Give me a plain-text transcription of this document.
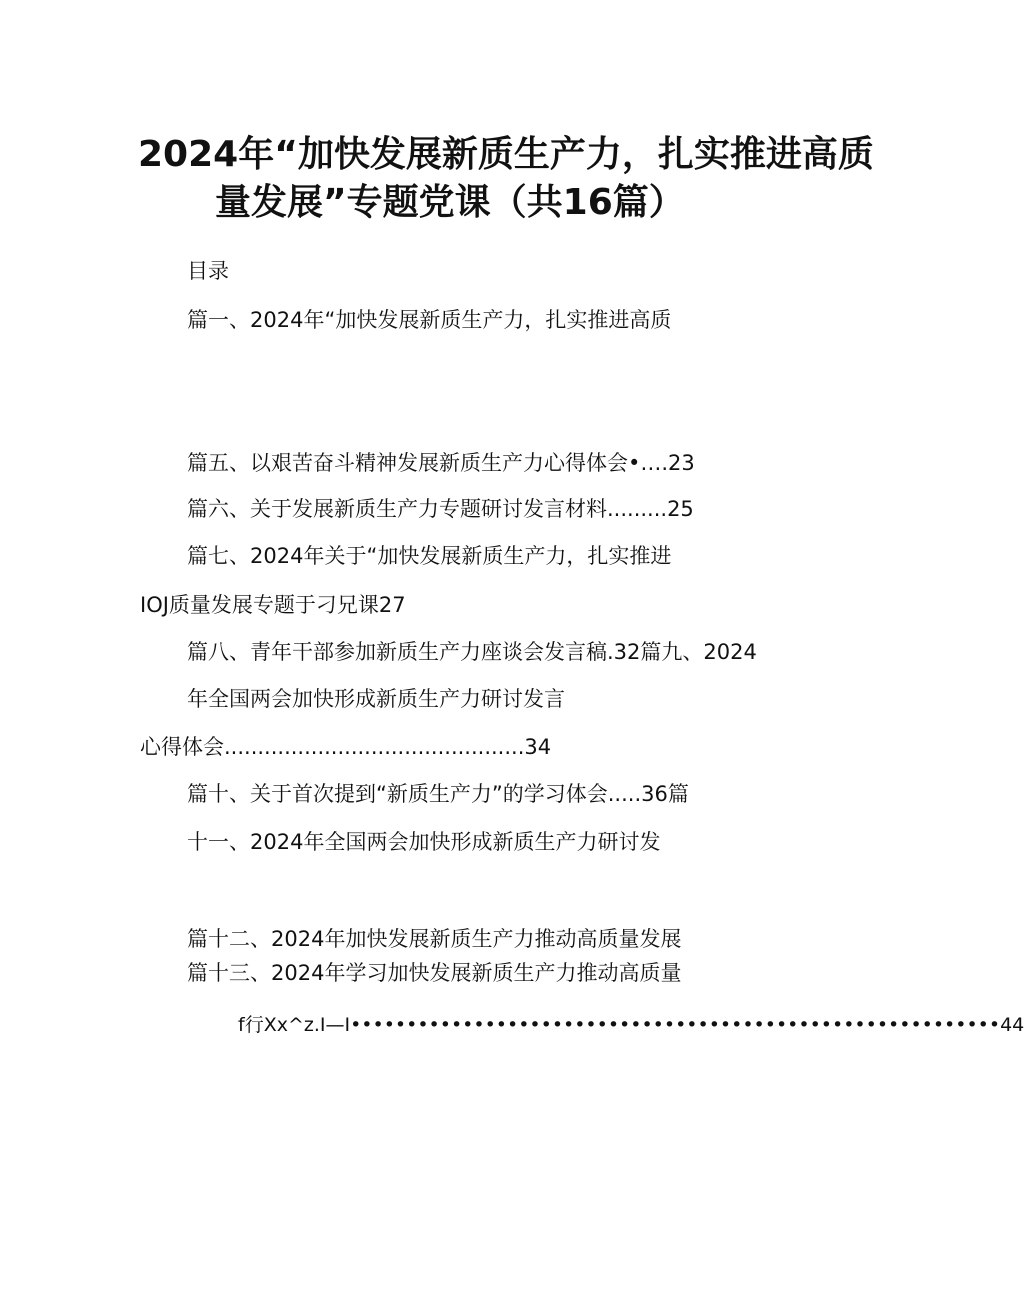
2024年“加快发展新质生产力，扎实推进高质
量发展”专题党课（共16篇）
目录
篇一、2024年“加快发展新质生产力，扎实推进高质
篇五、以艰苦奋斗精神发展新质生产力心得体会•….23
篇六、关于发展新质生产力专题研讨发言材料.........25
篇七、2024年关于“加快发展新质生产力，扎实推进
IOJ质量发展专题于刁兄课27
篇八、青年干部参加新质生产力座谈会发言稿.32篇九、2024
年全国两会加快形成新质生产力研讨发言
心得体会.............................................34
篇十、关于首次提到“新质生产力”的学习体会.....36篇
十一、2024年全国两会加快形成新质生产力研讨发
篇十二、2024年加快发展新质生产力推动高质量发展
篇十三、2024年学习加快发展新质生产力推动高质量
f行Xx^z.I—I••••••••••••••••••••••••••••••••••••••••••••••••••••••••••44
